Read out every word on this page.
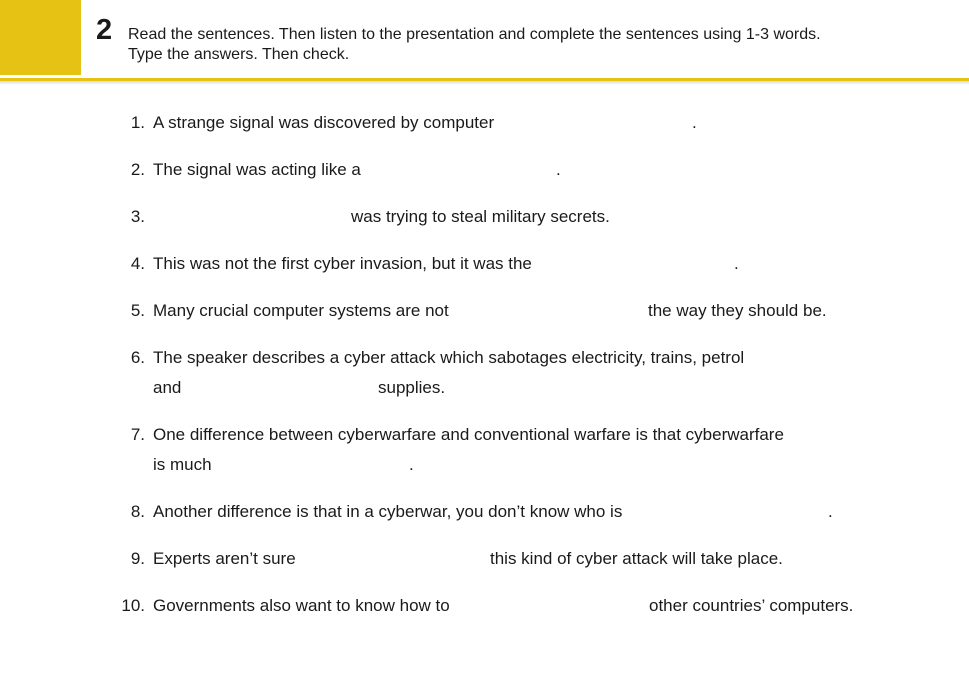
2 Read the sentences. Then listen to the presentation and complete the sentences using 1-3 words.
Type the answers. Then check.
1. A strange signal was discovered by computer	.
2. The signal was acting like a	.
3.	was trying to steal military secrets.
4. This was not the first cyber invasion, but it was the	.
5. Many crucial computer systems are not	the way they should be.
6. The speaker describes a cyber attack which sabotages electricity, trains, petrol
and	supplies.
7. One difference between cyberwarfare and conventional warfare is that cyberwarfare
is much	.
8. Another difference is that in a cyberwar, you don’t know who is	.
9. Experts aren’t sure	this kind of cyber attack will take place.
10. Governments also want to know how to	other countries’ computers.
